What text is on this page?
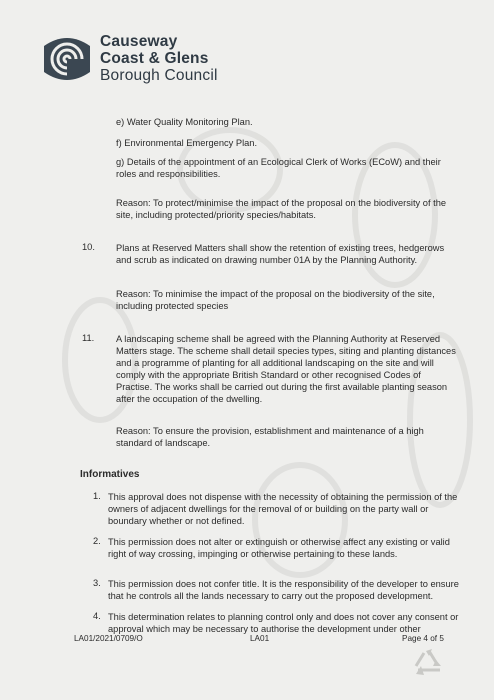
Causeway
Coast & Glens
Borough Council
e) Water Quality Monitoring Plan.
f) Environmental Emergency Plan.
g) Details of the appointment of an Ecological Clerk of Works (ECoW) and their
roles and responsibilities.
Reason: To protect/minimise the impact of the proposal on the biodiversity of the
site, including protected/priority species/habitats.
10. Plans at Reserved Matters shall show the retention of existing trees, hedgerows
and scrub as indicated on drawing number 01A by the Planning Authority.
Reason: To minimise the impact of the proposal on the biodiversity of the site,
including protected species
11. A landscaping scheme shall be agreed with the Planning Authority at Reserved
Matters stage. The scheme shall detail species types, siting and planting distances
and a programme of planting for all additional landscaping on the site and will
comply with the appropriate British Standard or other recognised Codes of
Practise. The works shall be carried out during the first available planting season
after the occupation of the dwelling.
Reason: To ensure the provision, establishment and maintenance of a high
standard of landscape.
Informatives
1. This approval does not dispense with the necessity of obtaining the permission of the
owners of adjacent dwellings for the removal of or building on the party wall or
boundary whether or not defined.
2. This permission does not alter or extinguish or otherwise affect any existing or valid
right of way crossing, impinging or otherwise pertaining to these lands.
3. This permission does not confer title. It is the responsibility of the developer to ensure
that he controls all the lands necessary to carry out the proposed development.
4. This determination relates to planning control only and does not cover any consent or
approval which may be necessary to authorise the development under other
LA01/2021/0709/O	LA01	Page 4 of 5
